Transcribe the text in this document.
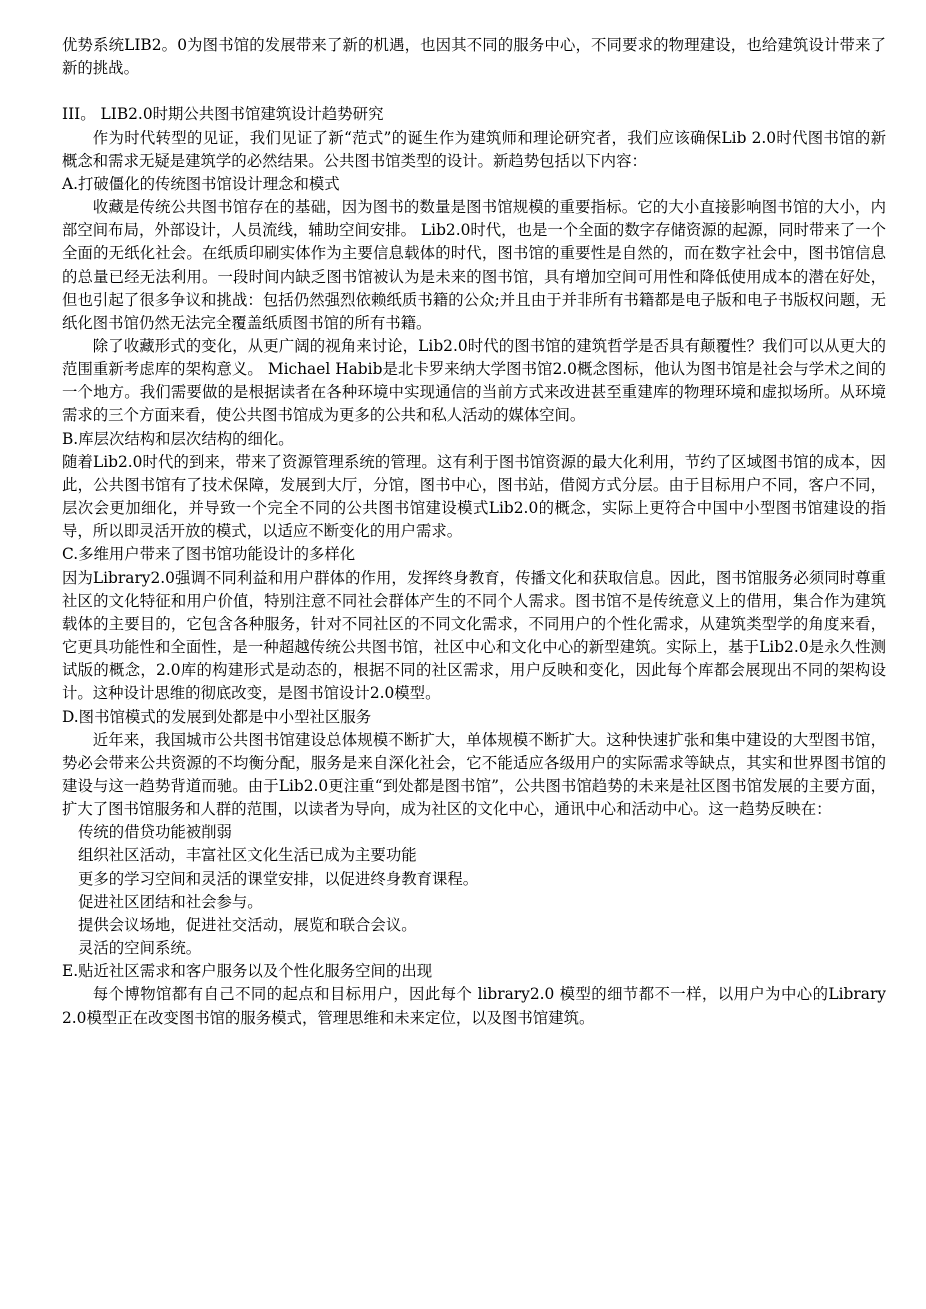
优势系统LIB2。0为图书馆的发展带来了新的机遇，也因其不同的服务中心，不同要求的物理建设，也给建筑设计带来了新的挑战。

III。 LIB2.0时期公共图书馆建筑设计趋势研究

作为时代转型的见证，我们见证了新“范式”的诞生作为建筑师和理论研究者，我们应该确保Lib 2.0时代图书馆的新概念和需求无疑是建筑学的必然结果。公共图书馆类型的设计。新趋势包括以下内容：

A.打破僵化的传统图书馆设计理念和模式

收藏是传统公共图书馆存在的基础，因为图书的数量是图书馆规模的重要指标。它的大小直接影响图书馆的大小，内部空间布局，外部设计，人员流线，辅助空间安排。 Lib2.0时代，也是一个全面的数字存储资源的起源，同时带来了一个全面的无纸化社会。在纸质印刷实体作为主要信息载体的时代，图书馆的重要性是自然的，而在数字社会中，图书馆信息的总量已经无法利用。一段时间内缺乏图书馆被认为是未来的图书馆，具有增加空间可用性和降低使用成本的潜在好处，但也引起了很多争议和挑战：包括仍然强烈依赖纸质书籍的公众;并且由于并非所有书籍都是电子版和电子书版权问题，无纸化图书馆仍然无法完全覆盖纸质图书馆的所有书籍。

除了收藏形式的变化，从更广阔的视角来讨论，Lib2.0时代的图书馆的建筑哲学是否具有颠覆性？我们可以从更大的范围重新考虑库的架构意义。 Michael Habib是北卡罗来纳大学图书馆2.0概念图标，他认为图书馆是社会与学术之间的一个地方。我们需要做的是根据读者在各种环境中实现通信的当前方式来改进甚至重建库的物理环境和虚拟场所。从环境需求的三个方面来看，使公共图书馆成为更多的公共和私人活动的媒体空间。

B.库层次结构和层次结构的细化。

随着Lib2.0时代的到来，带来了资源管理系统的管理。这有利于图书馆资源的最大化利用，节约了区域图书馆的成本，因此，公共图书馆有了技术保障，发展到大厅，分馆，图书中心，图书站，借阅方式分层。由于目标用户不同，客户不同，层次会更加细化，并导致一个完全不同的公共图书馆建设模式Lib2.0的概念，实际上更符合中国中小型图书馆建设的指导，所以即灵活开放的模式，以适应不断变化的用户需求。

C.多维用户带来了图书馆功能设计的多样化

因为Library2.0强调不同利益和用户群体的作用，发挥终身教育，传播文化和获取信息。因此，图书馆服务必须同时尊重社区的文化特征和用户价值，特别注意不同社会群体产生的不同个人需求。图书馆不是传统意义上的借用，集合作为建筑载体的主要目的，它包含各种服务，针对不同社区的不同文化需求，不同用户的个性化需求，从建筑类型学的角度来看，它更具功能性和全面性，是一种超越传统公共图书馆，社区中心和文化中心的新型建筑。实际上，基于Lib2.0是永久性测试版的概念，2.0库的构建形式是动态的，根据不同的社区需求，用户反映和变化，因此每个库都会展现出不同的架构设计。这种设计思维的彻底改变，是图书馆设计2.0模型。

D.图书馆模式的发展到处都是中小型社区服务

近年来，我国城市公共图书馆建设总体规模不断扩大，单体规模不断扩大。这种快速扩张和集中建设的大型图书馆，势必会带来公共资源的不均衡分配，服务是来自深化社会，它不能适应各级用户的实际需求等缺点，其实和世界图书馆的建设与这一趋势背道而驰。由于Lib2.0更注重“到处都是图书馆”，公共图书馆趋势的未来是社区图书馆发展的主要方面，扩大了图书馆服务和人群的范围，以读者为导向，成为社区的文化中心，通讯中心和活动中心。这一趋势反映在：

传统的借贷功能被削弱

组织社区活动，丰富社区文化生活已成为主要功能

更多的学习空间和灵活的课堂安排，以促进终身教育课程。

促进社区团结和社会参与。

提供会议场地，促进社交活动，展览和联合会议。

灵活的空间系统。

E.贴近社区需求和客户服务以及个性化服务空间的出现

每个博物馆都有自己不同的起点和目标用户，因此每个 library2.0 模型的细节都不一样，以用户为中心的Library 2.0模型正在改变图书馆的服务模式，管理思维和未来定位，以及图书馆建筑。
